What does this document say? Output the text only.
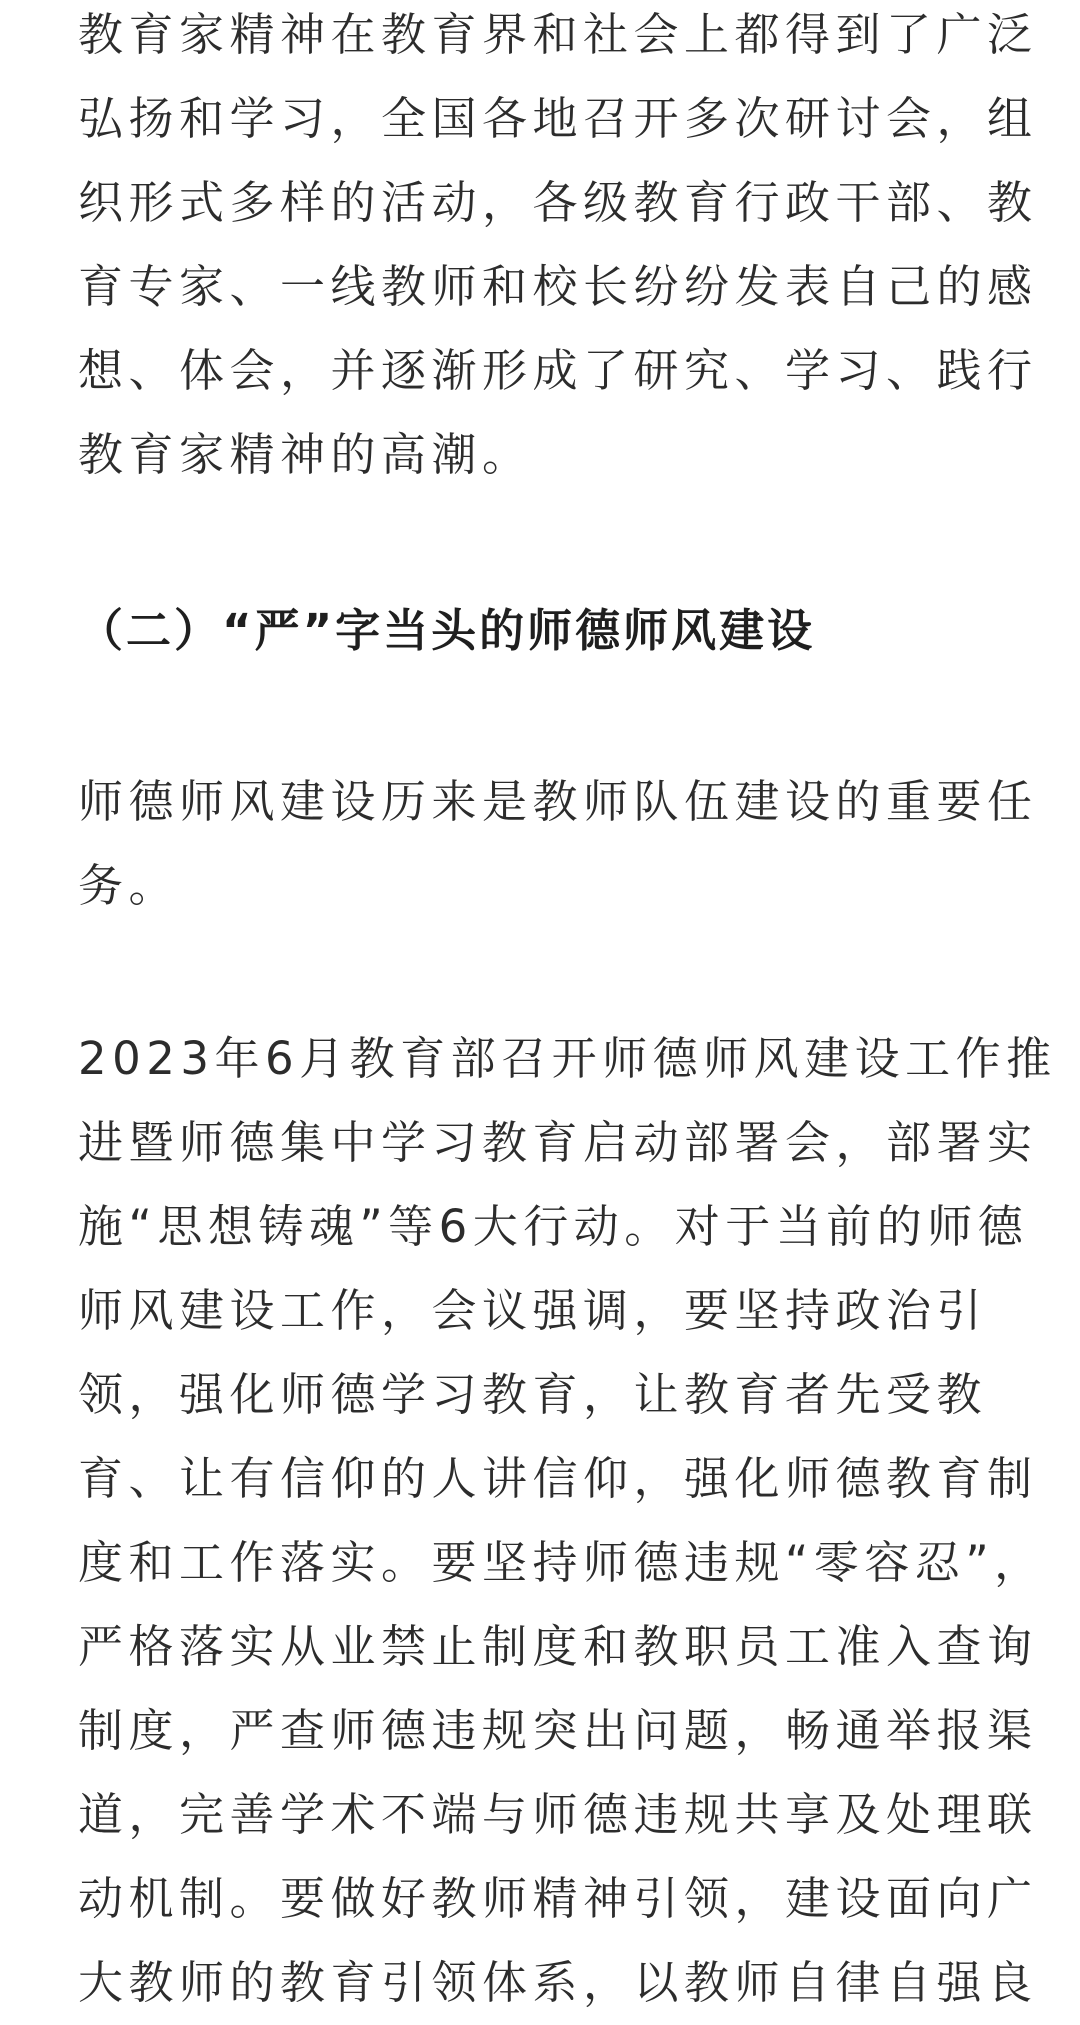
教育家精神在教育界和社会上都得到了广泛
弘扬和学习，全国各地召开多次研讨会，组
织形式多样的活动，各级教育行政干部、教
育专家、一线教师和校长纷纷发表自己的感
想、体会，并逐渐形成了研究、学习、践行
教育家精神的高潮。
（二）“严”字当头的师德师风建设
师德师风建设历来是教师队伍建设的重要任
务。
2023年6月教育部召开师德师风建设工作推
进暨师德集中学习教育启动部署会，部署实
施“思想铸魂”等6大行动。对于当前的师德
师风建设工作，会议强调，要坚持政治引
领，强化师德学习教育，让教育者先受教
育、让有信仰的人讲信仰，强化师德教育制
度和工作落实。要坚持师德违规“零容忍”，
严格落实从业禁止制度和教职员工准入查询
制度，严查师德违规突出问题，畅通举报渠
道，完善学术不端与师德违规共享及处理联
动机制。要做好教师精神引领，建设面向广
大教师的教育引领体系，以教师自律自强良
